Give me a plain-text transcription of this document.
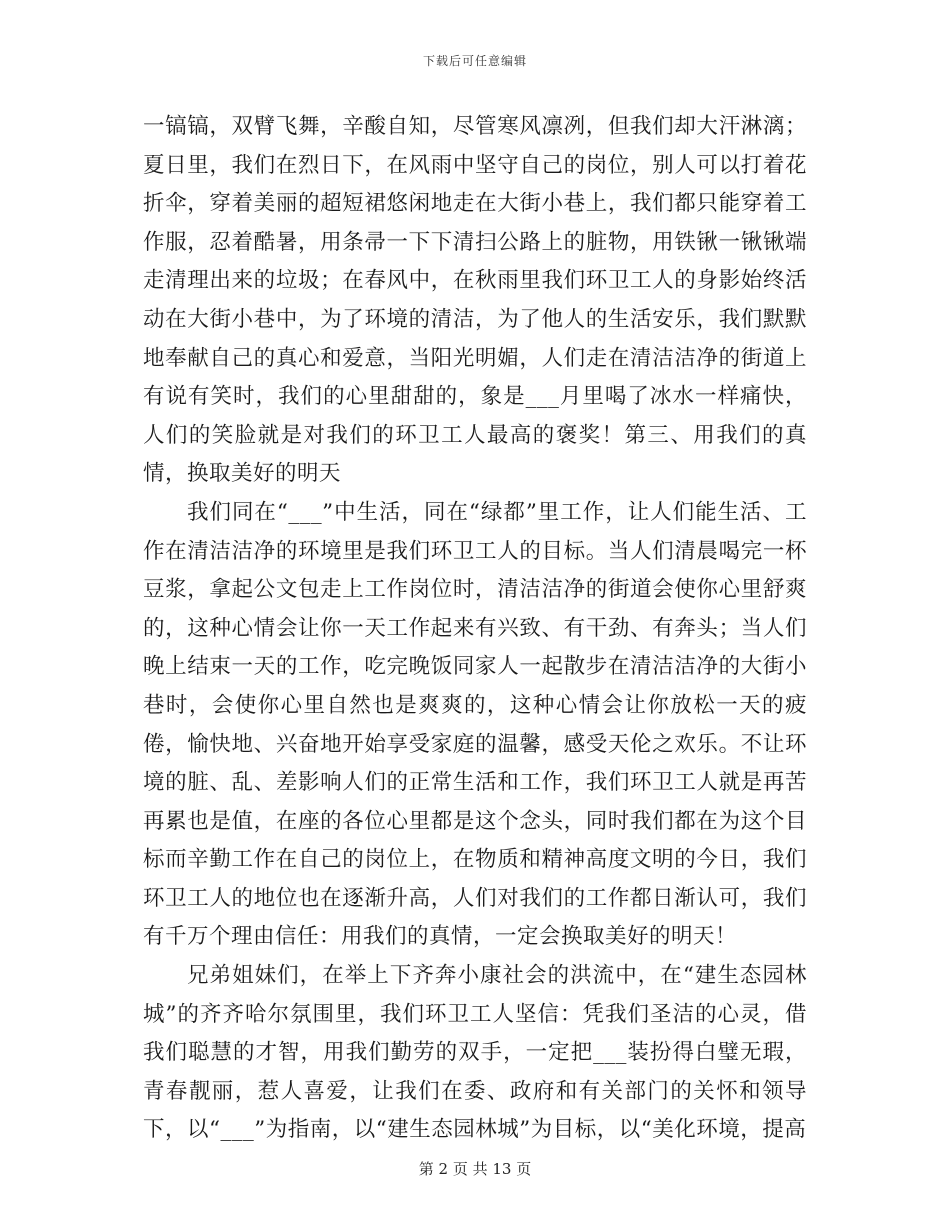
下载后可任意编辑

一镐镐，双臂飞舞，辛酸自知，尽管寒风凛冽，但我们却大汗淋漓；夏日里，我们在烈日下，在风雨中坚守自己的岗位，别人可以打着花折伞，穿着美丽的超短裙悠闲地走在大街小巷上，我们都只能穿着工作服，忍着酷暑，用条帚一下下清扫公路上的脏物，用铁锹一锹锹端走清理出来的垃圾；在春风中，在秋雨里我们环卫工人的身影始终活动在大街小巷中，为了环境的清洁，为了他人的生活安乐，我们默默地奉献自己的真心和爱意，当阳光明媚，人们走在清洁洁净的街道上有说有笑时，我们的心里甜甜的，象是___月里喝了冰水一样痛快，人们的笑脸就是对我们的环卫工人最高的褒奖！第三、用我们的真情，换取美好的明天

我们同在“___”中生活，同在“绿都”里工作，让人们能生活、工作在清洁洁净的环境里是我们环卫工人的目标。当人们清晨喝完一杯豆浆，拿起公文包走上工作岗位时，清洁洁净的街道会使你心里舒爽的，这种心情会让你一天工作起来有兴致、有干劲、有奔头；当人们晚上结束一天的工作，吃完晚饭同家人一起散步在清洁洁净的大街小巷时，会使你心里自然也是爽爽的，这种心情会让你放松一天的疲倦，愉快地、兴奋地开始享受家庭的温馨，感受天伦之欢乐。不让环境的脏、乱、差影响人们的正常生活和工作，我们环卫工人就是再苦再累也是值，在座的各位心里都是这个念头，同时我们都在为这个目标而辛勤工作在自己的岗位上，在物质和精神高度文明的今日，我们环卫工人的地位也在逐渐升高，人们对我们的工作都日渐认可，我们有千万个理由信任：用我们的真情，一定会换取美好的明天！

兄弟姐妹们，在举上下齐奔小康社会的洪流中，在“建生态园林城”的齐齐哈尔氛围里，我们环卫工人坚信：凭我们圣洁的心灵，借我们聪慧的才智，用我们勤劳的双手，一定把___装扮得白璧无瑕，青春靓丽，惹人喜爱，让我们在委、政府和有关部门的关怀和领导下，以“___”为指南，以“建生态园林城”为目标，以“美化环境，提高

第 2 页 共 13 页
